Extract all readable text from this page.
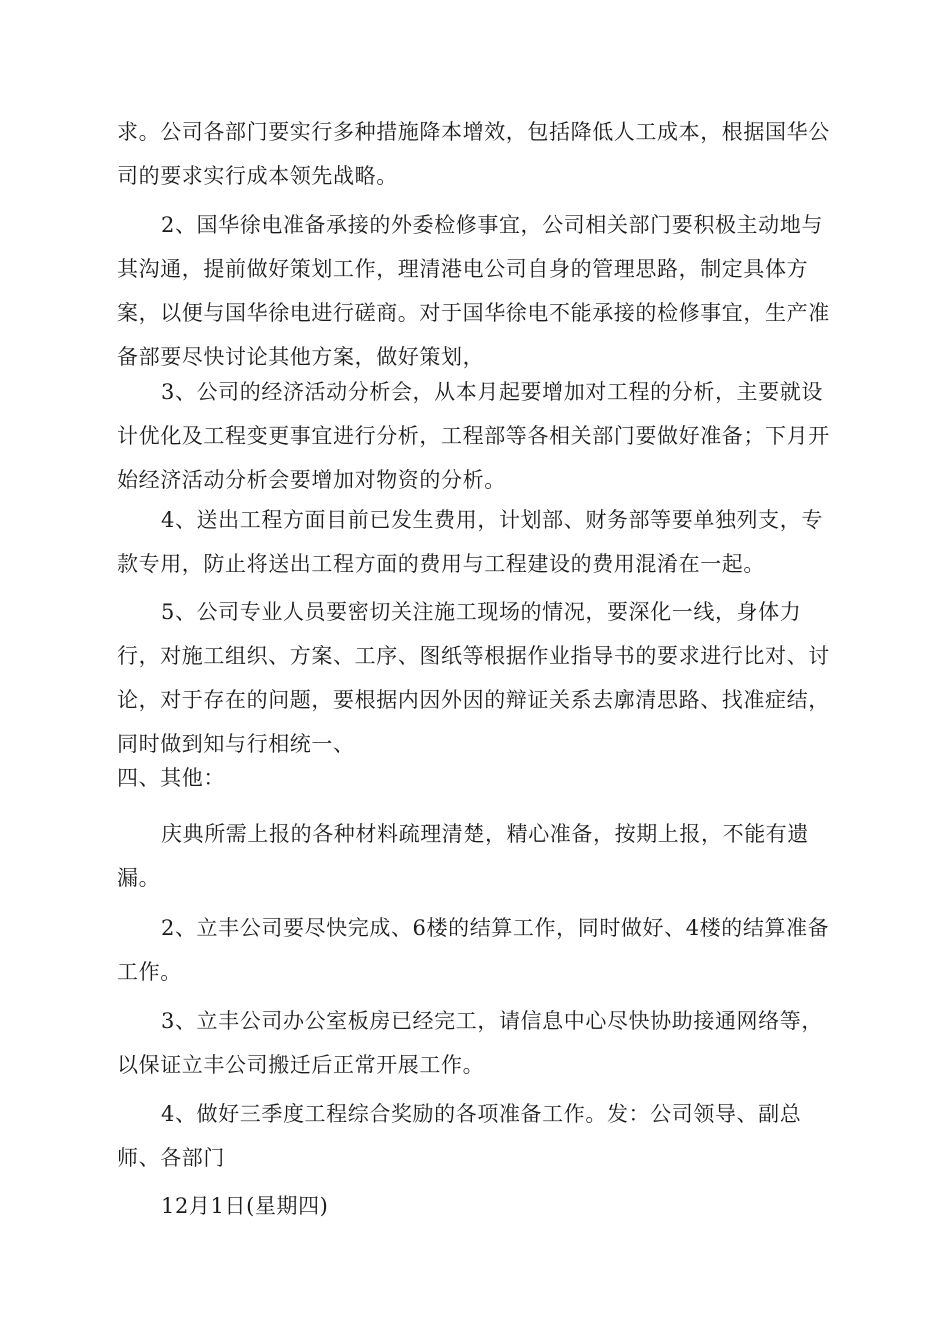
求。公司各部门要实行多种措施降本增效，包括降低人工成本，根据国华公司的要求实行成本领先战略。

2、国华徐电准备承接的外委检修事宜，公司相关部门要积极主动地与其沟通，提前做好策划工作，理清港电公司自身的管理思路，制定具体方案，以便与国华徐电进行磋商。对于国华徐电不能承接的检修事宜，生产准备部要尽快讨论其他方案，做好策划，

3、公司的经济活动分析会，从本月起要增加对工程的分析，主要就设计优化及工程变更事宜进行分析，工程部等各相关部门要做好准备；下月开始经济活动分析会要增加对物资的分析。

4、送出工程方面目前已发生费用，计划部、财务部等要单独列支，专款专用，防止将送出工程方面的费用与工程建设的费用混淆在一起。

5、公司专业人员要密切关注施工现场的情况，要深化一线，身体力行，对施工组织、方案、工序、图纸等根据作业指导书的要求进行比对、讨论，对于存在的问题，要根据内因外因的辩证关系去廓清思路、找准症结，同时做到知与行相统一、

四、其他：

庆典所需上报的各种材料疏理清楚，精心准备，按期上报，不能有遗漏。

2、立丰公司要尽快完成、6楼的结算工作，同时做好、4楼的结算准备工作。

3、立丰公司办公室板房已经完工，请信息中心尽快协助接通网络等，以保证立丰公司搬迁后正常开展工作。

4、做好三季度工程综合奖励的各项准备工作。发：公司领导、副总师、各部门

12月1日(星期四)
